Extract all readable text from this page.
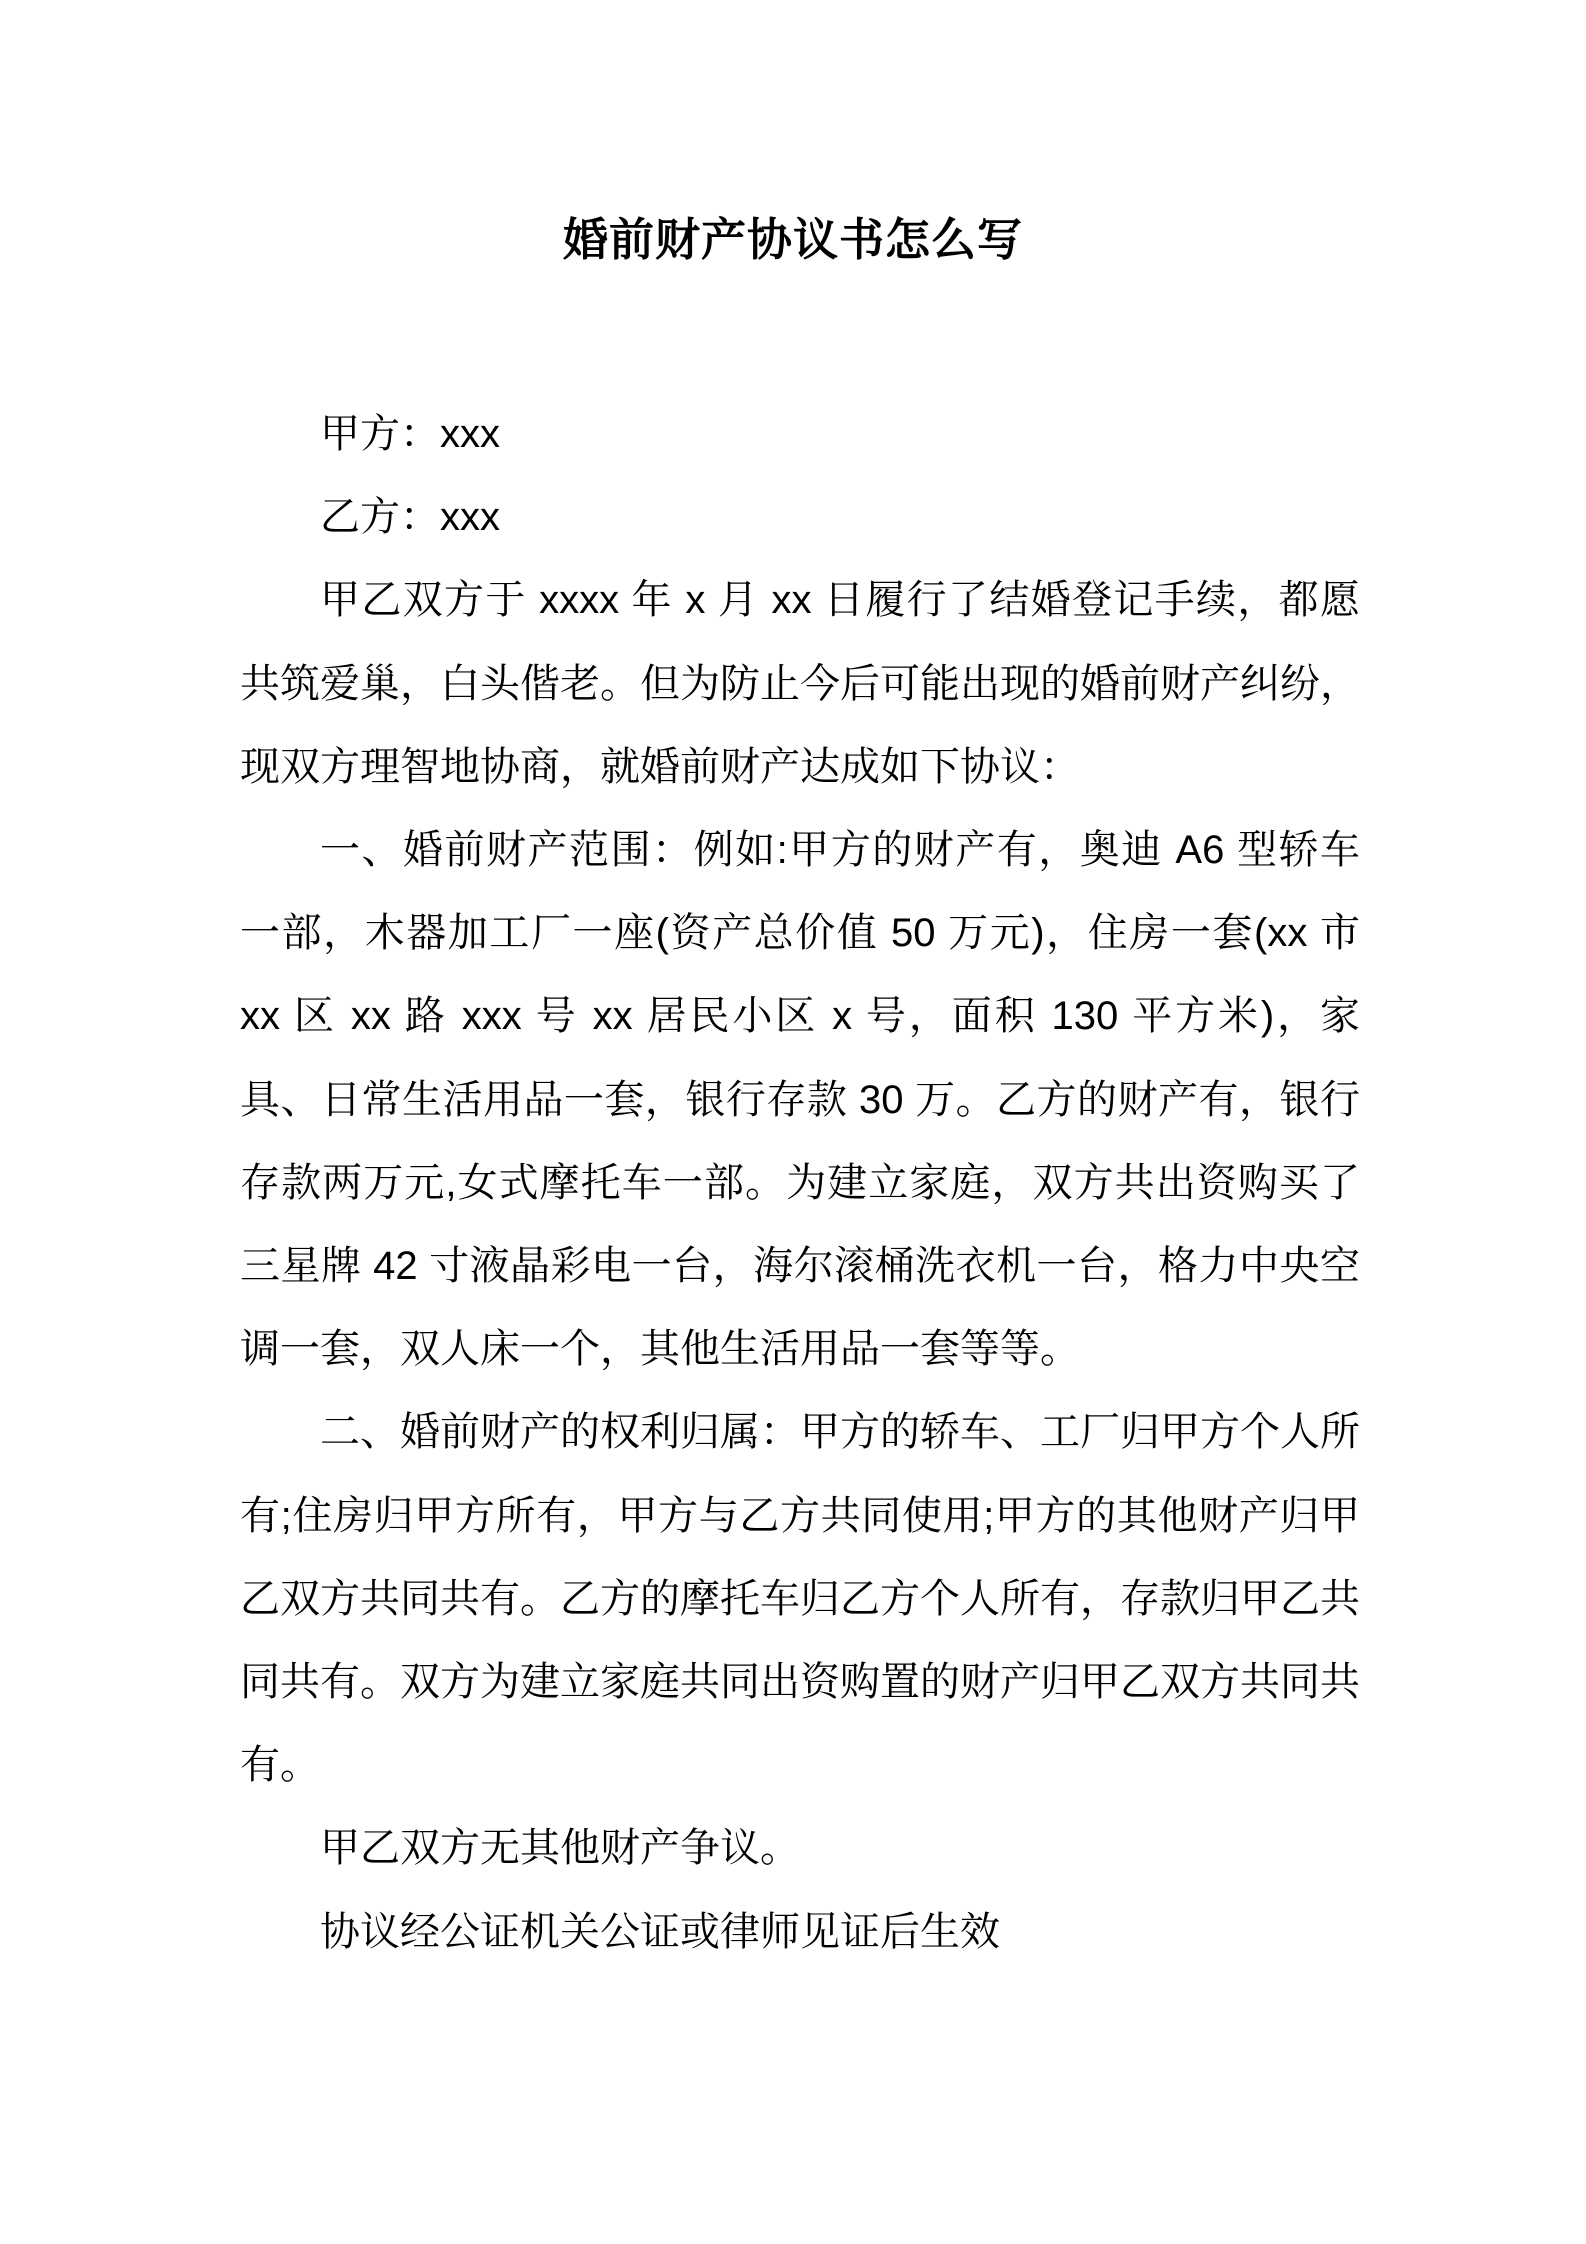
婚前财产协议书怎么写

甲方：xxx

乙方：xxx

甲乙双方于 xxxx 年 x 月 xx 日履行了结婚登记手续，都愿共筑爱巢，白头偕老。但为防止今后可能出现的婚前财产纠纷，现双方理智地协商，就婚前财产达成如下协议：

一、婚前财产范围：例如:甲方的财产有，奥迪 A6 型轿车一部，木器加工厂一座(资产总价值 50 万元)，住房一套(xx 市 xx 区 xx 路 xxx 号 xx 居民小区 x 号，面积 130 平方米)，家具、日常生活用品一套，银行存款 30 万。乙方的财产有，银行存款两万元,女式摩托车一部。为建立家庭，双方共出资购买了三星牌 42 寸液晶彩电一台，海尔滚桶洗衣机一台，格力中央空调一套，双人床一个，其他生活用品一套等等。

二、婚前财产的权利归属：甲方的轿车、工厂归甲方个人所有;住房归甲方所有，甲方与乙方共同使用;甲方的其他财产归甲乙双方共同共有。乙方的摩托车归乙方个人所有，存款归甲乙共同共有。双方为建立家庭共同出资购置的财产归甲乙双方共同共有。

甲乙双方无其他财产争议。

协议经公证机关公证或律师见证后生效
